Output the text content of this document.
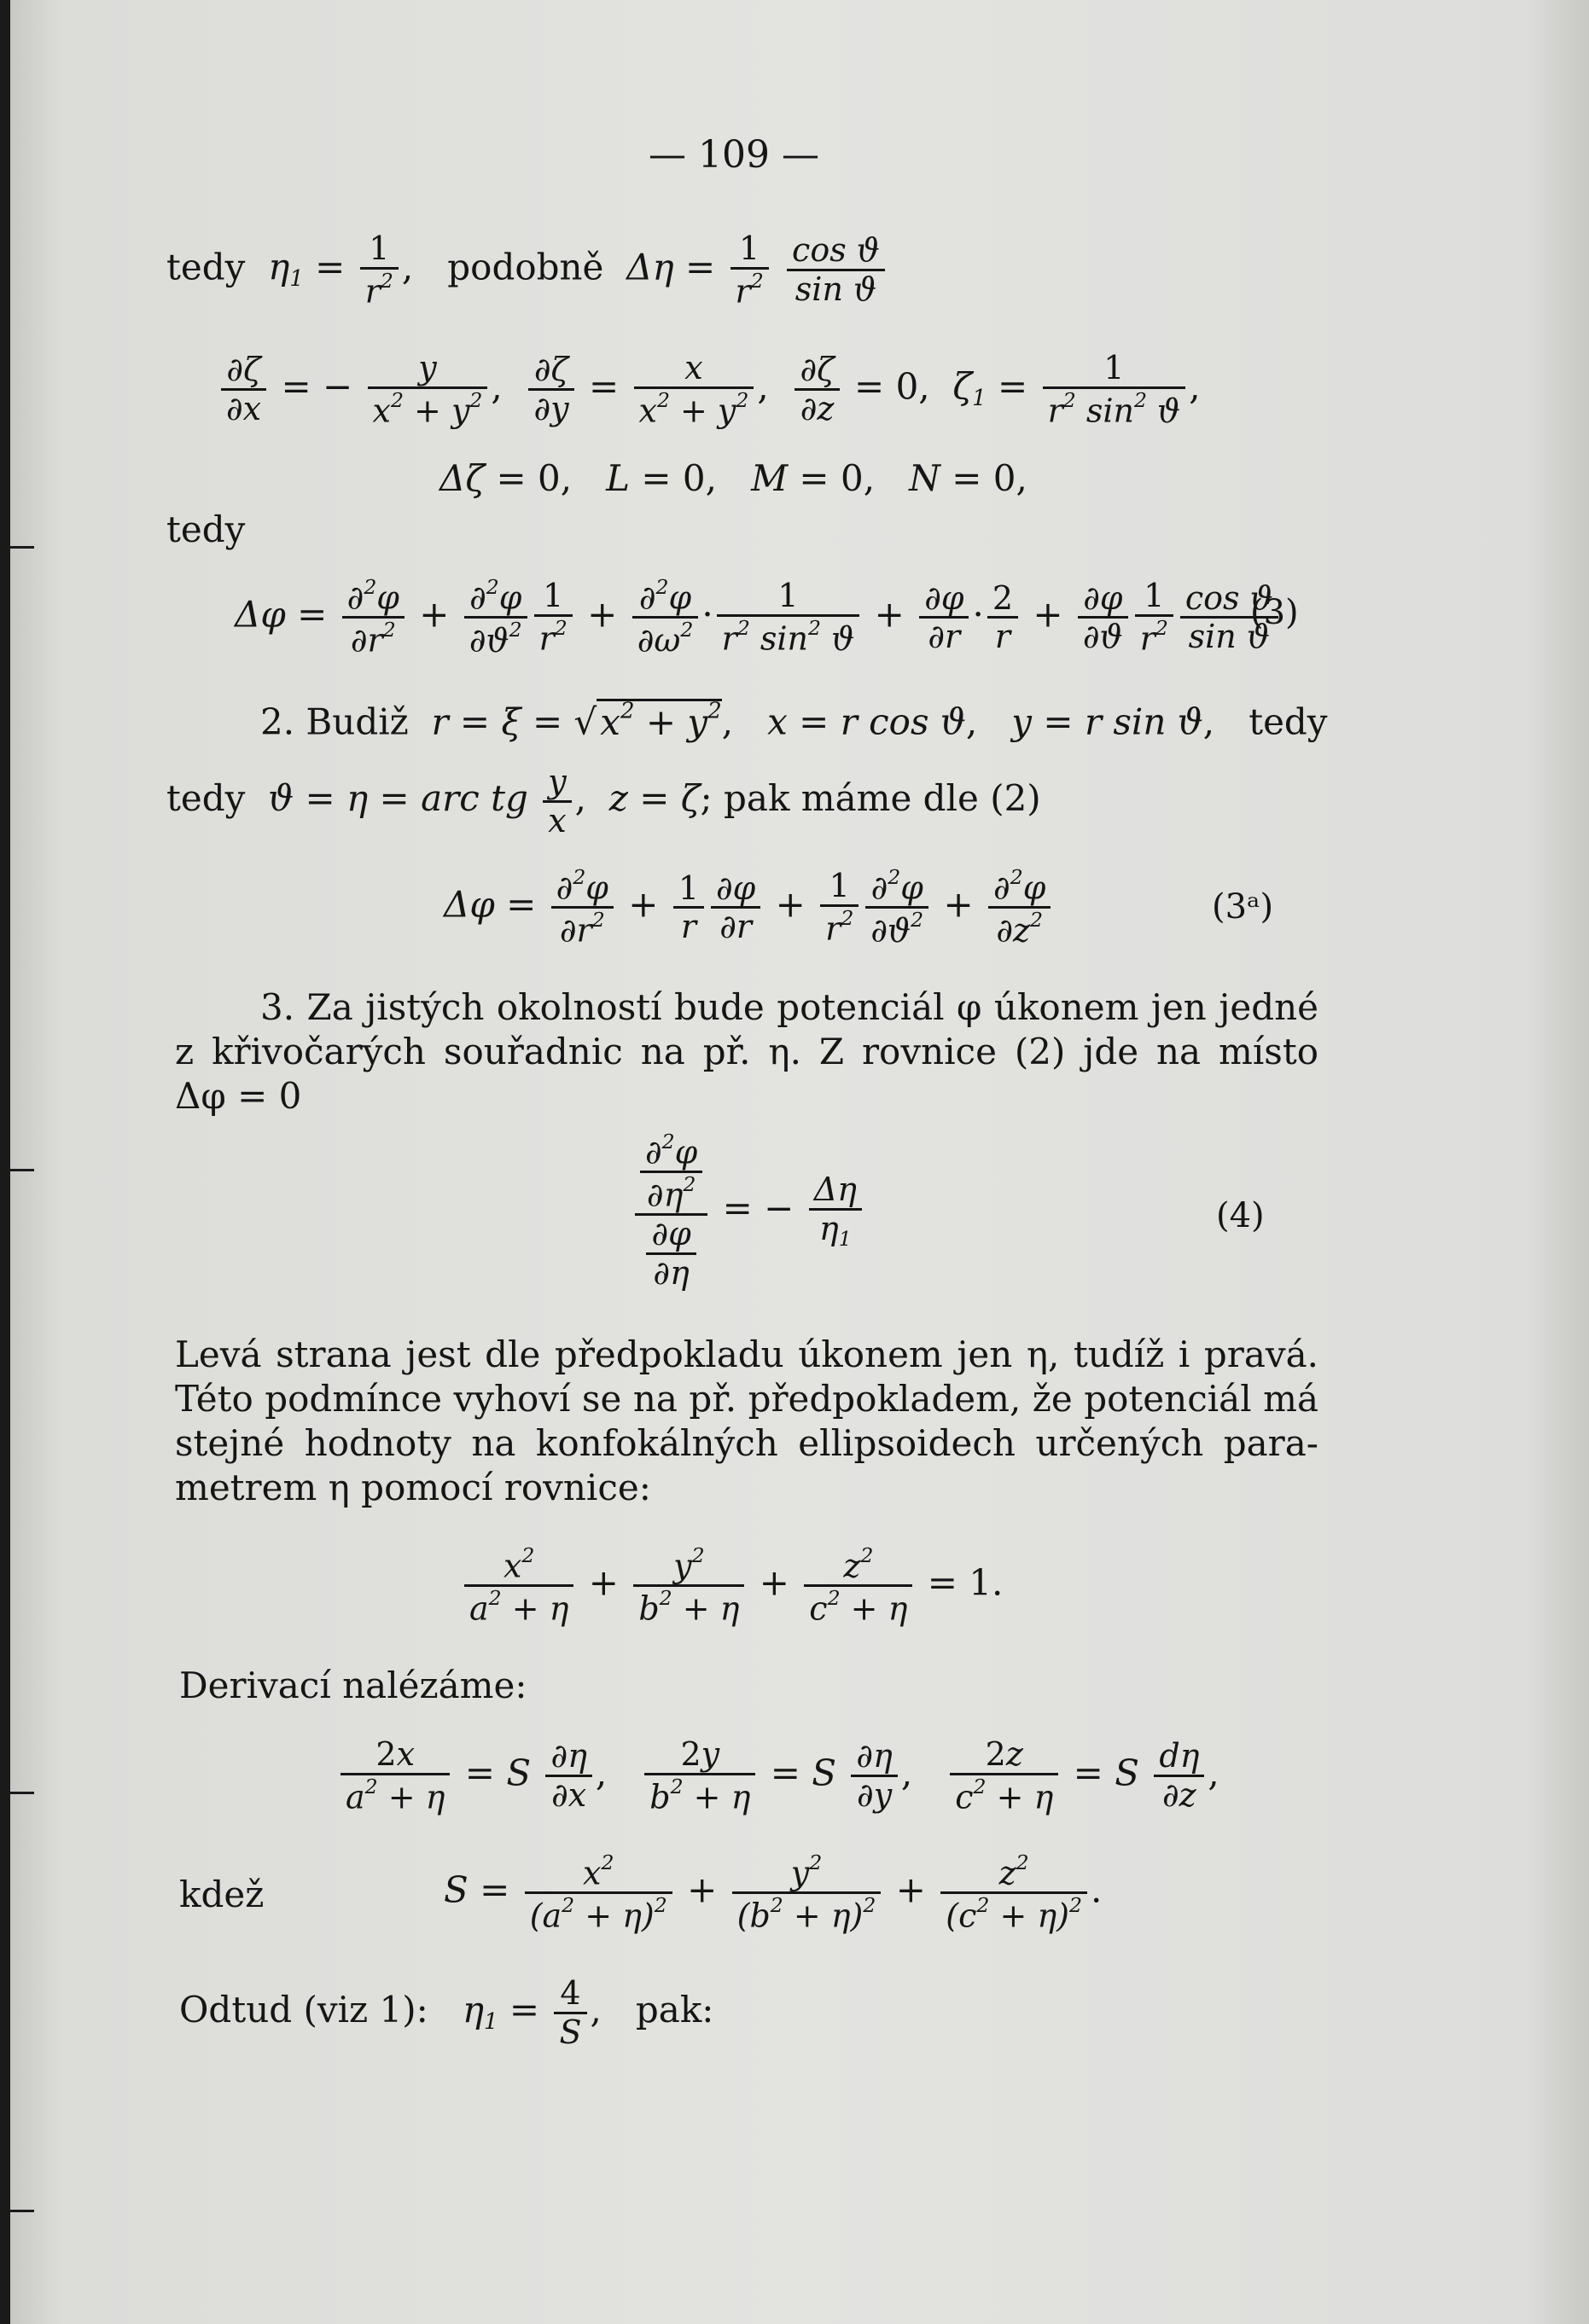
— 109 —
tedy $\eta_1 = \frac{1}{r^2}$ ,   podobně $\Delta\eta = \frac{1}{r^2}$
$\frac{\text{cos ϑ}}{\text{sin ϑ}}$
$\frac{\partial\zeta}{\partial x}$ = − $\frac{y}{x^2 + y^2}$ , $\frac{\partial\zeta}{\partial y} = \frac{x}{x^2 + y^2}$ , $\frac{\partial\zeta}{\partial z} = 0$,  $\zeta_1 = \frac{1}{r^2 \sin^2 ϑ}$ ,
Δζ = 0,   L = 0,   M = 0,   N = 0,
tedy
$\Delta\varphi = \frac{\partial^2\varphi}{\partial r^2} + \frac{\partial^2\varphi}{\partial ϑ^2} \frac{1}{r^2} + \frac{\partial^2\varphi}{\partial\omega^2} \cdot \frac{1}{r^2 \sin^2 ϑ} + \frac{\partial\varphi}{\partial r} \cdot \frac{2}{r} + \frac{\partial\varphi}{\partial ϑ} \frac{1}{r^2} \frac{\text{cos ϑ}}{\text{sin ϑ}}$
(3)
2. Budiž $r = \xi = √x^2 + y^2$,   x = r cos ϑ,   y = r sin ϑ,   tedy
tedy ϑ = η = arc tg $\frac{y}{x}$ ,  z = ζ; pak máme dle (2)
$\Delta\varphi = \frac{\partial^2\varphi}{\partial r^2} + \frac{1}{r} \frac{\partial\varphi}{\partial r} + \frac{1}{r^2} \frac{\partial^2\varphi}{\partial ϑ^2} + \frac{\partial^2\varphi}{\partial z^2}$	(3ᵃ)
3. Za jistých okolností bude potenciál φ úkonem jen jedné
z křivočarých souřadnic na př. η. Z rovnice (2) jde na místo
Δφ = 0
$\frac{\frac{\partial^2\varphi}{\partial\eta^2}}{\frac{\partial\varphi}{\partial\eta}}$ = − $\frac{\Delta\eta}{\eta_1}$	(4)
Levá strana jest dle předpokladu úkonem jen η, tudíž i pravá.
Této podmínce vyhoví se na př. předpokladem, že potenciál má
stejné hodnoty na konfokálných ellipsoidech určených para-
metrem η pomocí rovnice:
$\frac{x^2}{a^2 + \eta} + \frac{y^2}{b^2 + \eta} + \frac{z^2}{c^2 + \eta} = 1$.
Derivací nalézáme:
$\frac{2x}{a^2 + \eta} = S \frac{\partial\eta}{\partial x}$ , $\frac{2y}{b^2 + \eta} = S \frac{\partial\eta}{\partial y}$ , $\frac{2z}{c^2 + \eta} = S \frac{d\eta}{\partial z}$ ,
kdež	$S = \frac{x^2}{(a^2 + \eta)^2} + \frac{y^2}{(b^2 + \eta)^2} + \frac{z^2}{(c^2 + \eta)^2}$ .
Odtud (viz 1): $\eta_1 = \frac{4}{S}$ ,   pak:
